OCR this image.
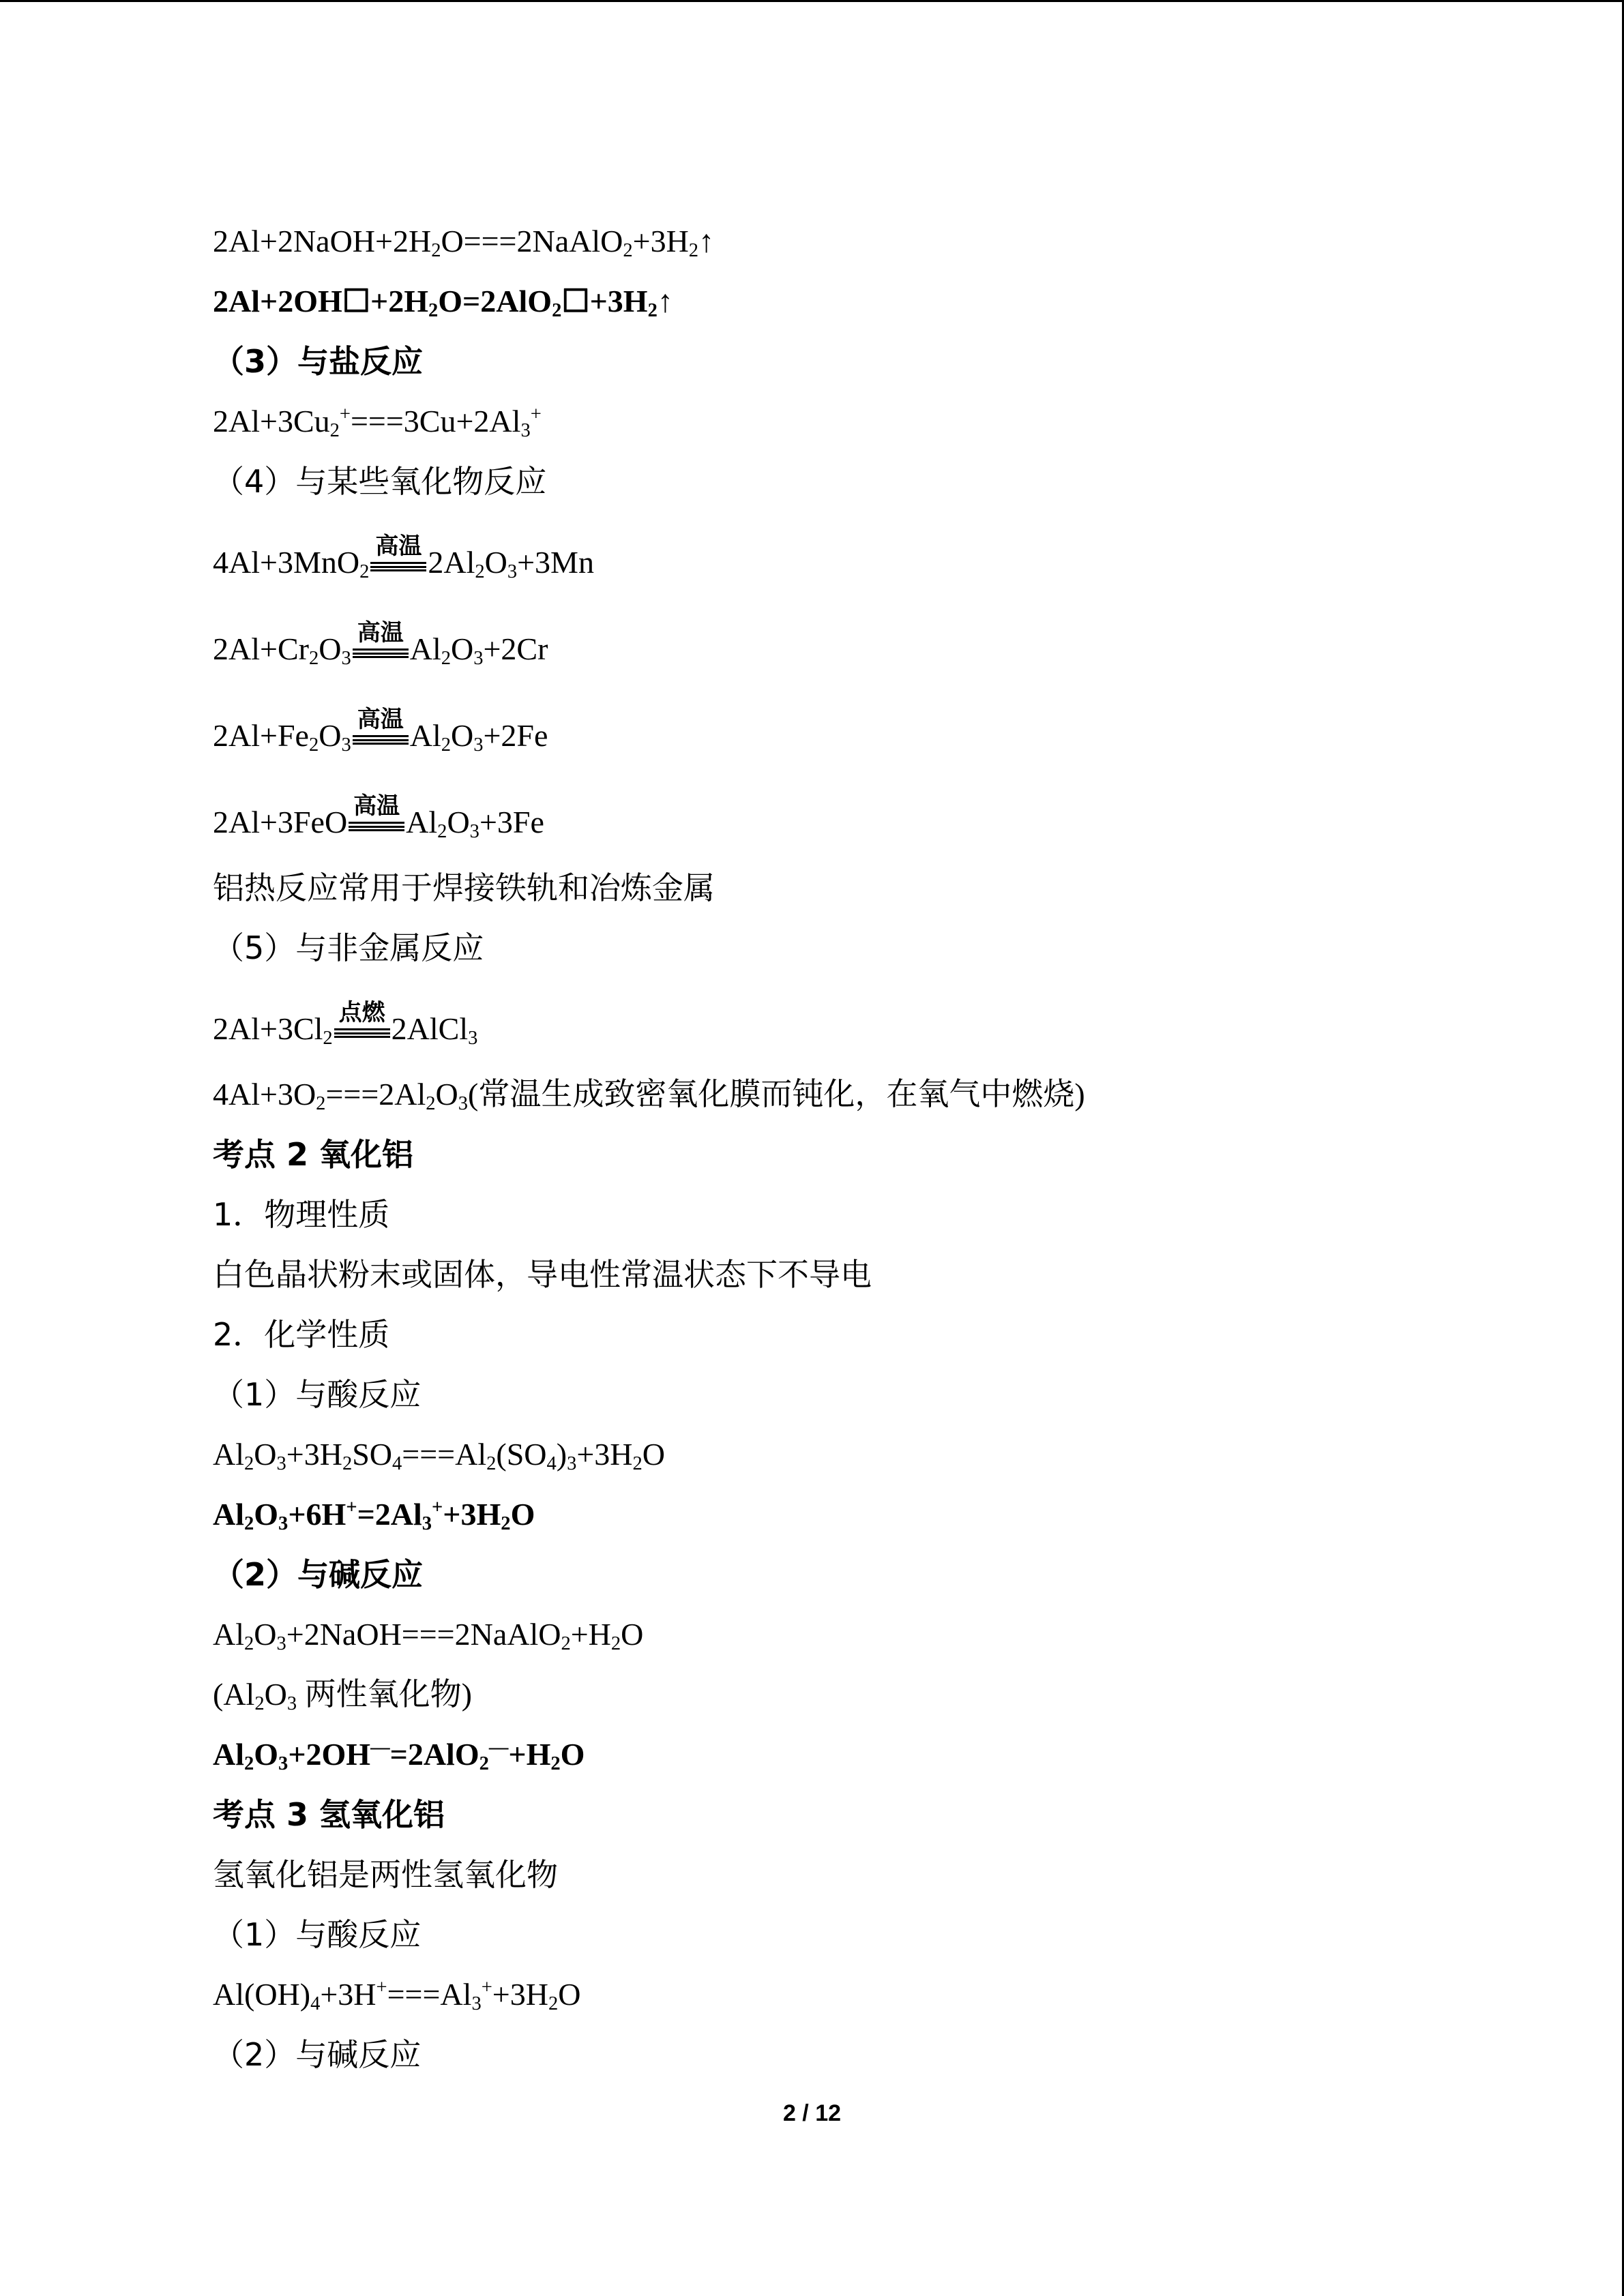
$2Al+2NaOH+2H_2O===2NaAlO_2+3H_2↑$
$2Al+2OH☐+2H_2O=2AlO_2☐+3H_2↑$
（3）与盐反应
$2Al+3Cu_2^+===3Cu+2Al_3^+$
（4）与某些氧化物反应
4Al+3MnO$_2$
高温 $2Al_2O_3+3Mn$
$2Al+Cr_2O_3$
高温 $Al_2O_3+2Cr$
$2Al+Fe_2O_3$
高温 $Al_2O_3+2Fe$
2Al+3FeO 高温 $Al_2O_3+3Fe$
铝热反应常用于焊接铁轨和冶炼金属
（5）与非金属反应
$2Al+3Cl_2$
点燃 2AlCl$_3$
$4Al+3O_2===2Al_2O_3$(常温生成致密氧化膜而钝化，在氧气中燃烧)
考点 2 氧化铝
1．物理性质
白色晶状粉末或固体，导电性常温状态下不导电
2．化学性质
（1）与酸反应
$Al_2O_3+3H_2SO_4===Al_2(SO_4)_3+3H_2O$
$Al_2O_3+6H^+=2Al_3^++3H_2O$
（2）与碱反应
$Al_2O_3+2NaOH===2NaAlO_2+H_2O$
($Al_2O_3$ 两性氧化物)
$Al_2O_3+2OH^—=2AlO_2^—+H_2O$
考点 3 氢氧化铝
氢氧化铝是两性氢氧化物
（1）与酸反应
$Al(OH)_4+3H^+===Al_3^++3H_2O$
（2）与碱反应
2 / 12
